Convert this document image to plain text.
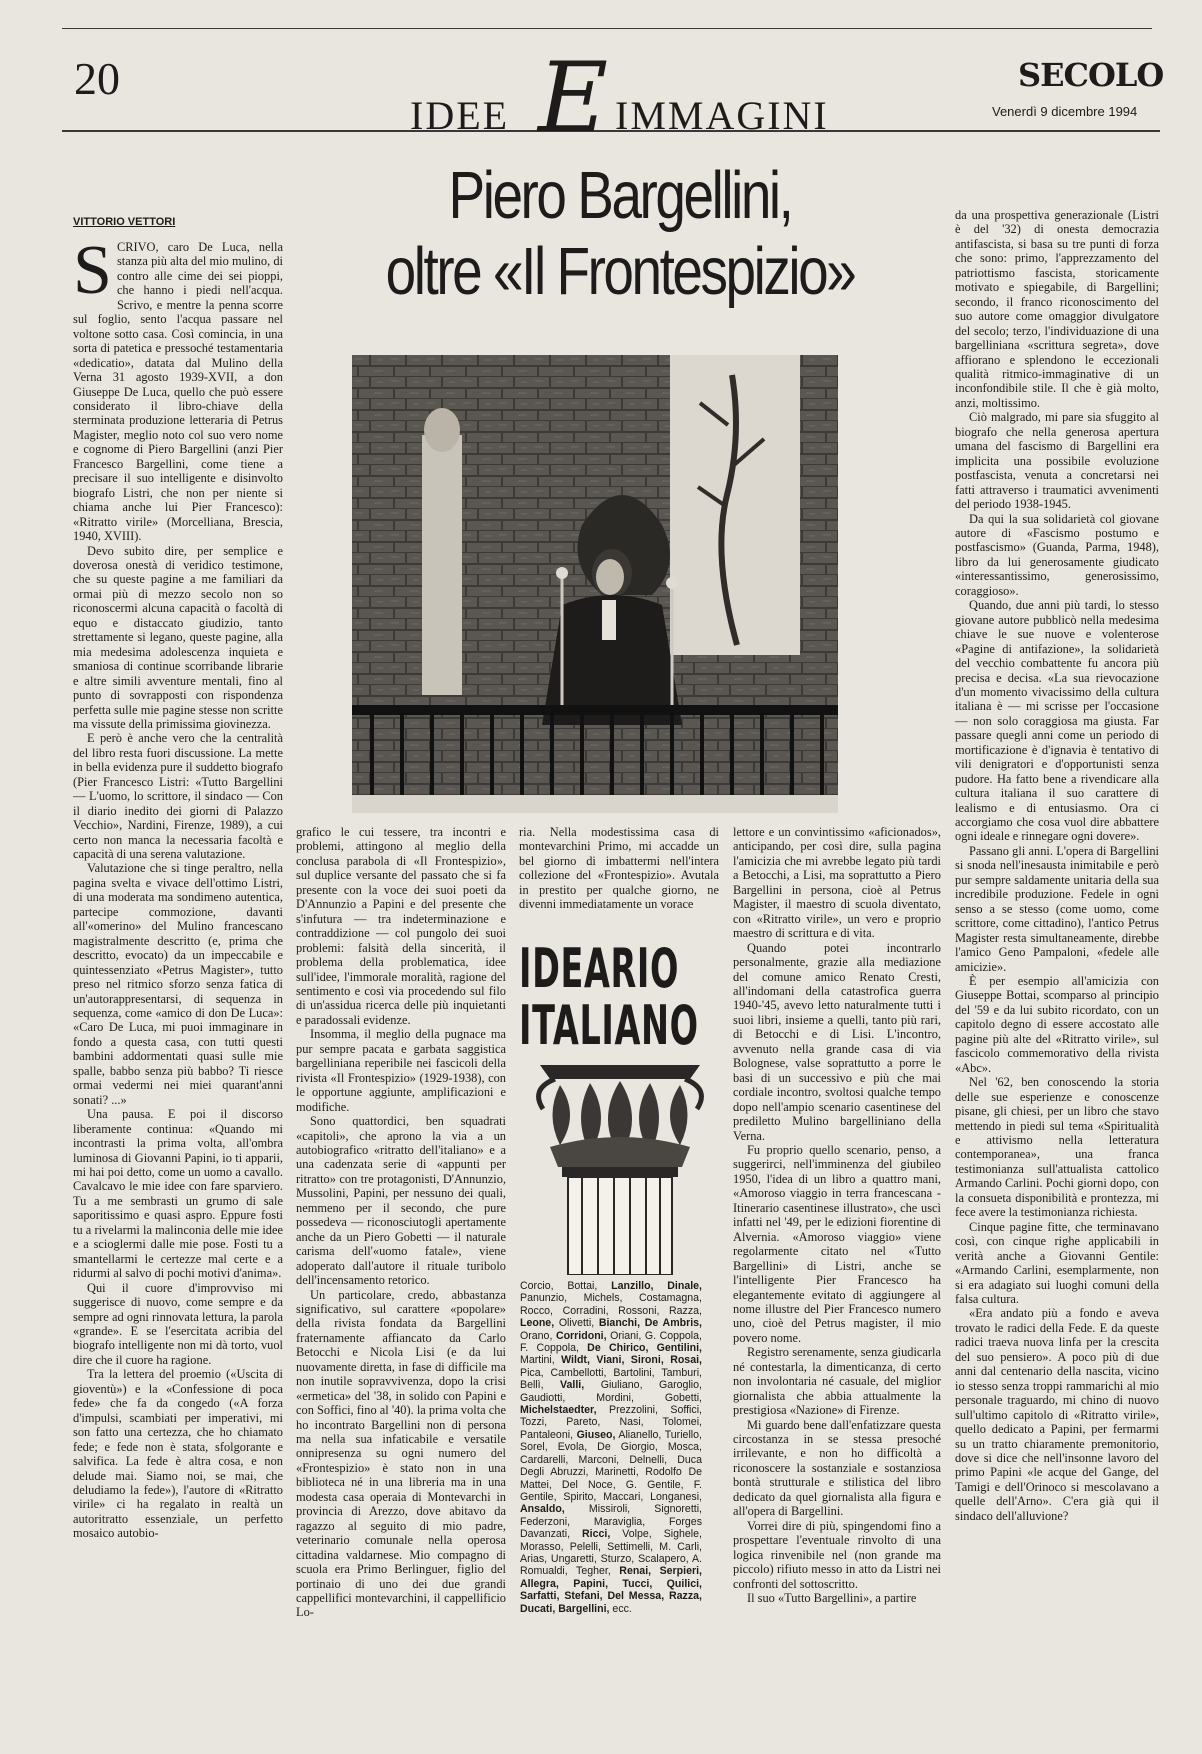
20
IDEE E IMMAGINI
SECOLO
Venerdì 9 dicembre 1994
VITTORIO VETTORI	Piero Bargellini,
oltre «Il Frontespizio»

SCRIVO, caro De Luca, nella stanza più alta del mio mulino, di contro alle cime dei sei pioppi, che hanno i piedi nell'acqua. Scrivo, e mentre la penna scorre sul foglio, sento l'acqua passare nel voltone sotto casa. Così comincia, in una sorta di patetica e pressoché testamentaria «dedicatio», datata dal Mulino della Verna 31 agosto 1939-XVII, a don Giuseppe De Luca, quello che può essere considerato il libro-chiave della sterminata produzione letteraria di Petrus Magister, meglio noto col suo vero nome e cognome di Piero Bargellini (anzi Pier Francesco Bargellini, come tiene a precisare il suo intelligente e disinvolto biografo Listri, che non per niente si chiama anche lui Pier Francesco): «Ritratto virile» (Morcelliana, Brescia, 1940, XVIII).

Devo subito dire, per semplice e doverosa onestà di veridico testimone, che su queste pagine a me familiari da ormai più di mezzo secolo non so riconoscermi alcuna capacità o facoltà di equo e distaccato giudizio, tanto strettamente si legano, queste pagine, alla mia medesima adolescenza inquieta e smaniosa di continue scorribande librarie e altre simili avventure mentali, fino al punto di sovrapposti con rispondenza perfetta sulle mie pagine stesse non scritte ma vissute della primissima giovinezza.

E però è anche vero che la centralità del libro resta fuori discussione. La mette in bella evidenza pure il suddetto biografo (Pier Francesco Listri: «Tutto Bargellini — L'uomo, lo scrittore, il sindaco — Con il diario inedito dei giorni di Palazzo Vecchio», Nardini, Firenze, 1989), a cui certo non manca la necessaria facoltà e capacità di una serena valutazione.

Valutazione che si tinge peraltro, nella pagina svelta e vivace dell'ottimo Listri, di una moderata ma sondimeno autentica, partecipe commozione, davanti all'«omerino» del Mulino francescano magistralmente descritto (e, prima che descritto, evocato) da un impeccabile e quintessenziato «Petrus Magister», tutto preso nel ritmico sforzo senza fatica di un'autorappresentarsi, di sequenza in sequenza, come «amico di don De Luca»: «Caro De Luca, mi puoi immaginare in fondo a questa casa, con tutti questi bambini addormentati quasi sulle mie spalle, babbo senza più babbo? Ti riesce ormai vedermi nei miei quarant'anni sonati? ...»

Una pausa. E poi il discorso liberamente continua: «Quando mi incontrasti la prima volta, all'ombra luminosa di Giovanni Papini, io ti apparii, mi hai poi detto, come un uomo a cavallo. Cavalcavo le mie idee con fare sparviero. Tu a me sembrasti un grumo di sale saporitissimo e quasi aspro. Eppure fosti tu a rivelarmi la malinconia delle mie idee e a scioglermi dalle mie pose. Fosti tu a smantellarmi le certezze mal certe e a ridurmi al salvo di pochi motivi d'anima».

Qui il cuore d'improvviso mi suggerisce di nuovo, come sempre e da sempre ad ogni rinnovata lettura, la parola «grande». E se l'esercitata acribia del biografo intelligente non mi dà torto, vuol dire che il cuore ha ragione.

Tra la lettera del proemio («Uscita di gioventù») e la «Confessione di poca fede» che fa da congedo («A forza d'impulsi, scambiati per imperativi, mi son fatto una certezza, che ho chiamato fede; e fede non è stata, sfolgorante e salvifica. La fede è altra cosa, e non delude mai. Siamo noi, se mai, che deludiamo la fede»), l'autore di «Ritratto virile» ci ha regalato in realtà un autoritratto essenziale, un perfetto mosaico autobio-

grafico le cui tessere, tra incontri e problemi, attingono al meglio della conclusa parabola di «Il Frontespizio», sul duplice versante del passato che si fa presente con la voce dei suoi poeti da D'Annunzio a Papini e del presente che s'infutura — tra indeterminazione e contraddizione — col pungolo dei suoi problemi: falsità della sincerità, il problema della problematica, idee sull'idee, l'immorale moralità, ragione del sentimento e così via procedendo sul filo di un'assidua ricerca delle più inquietanti e paradossali evidenze.

Insomma, il meglio della pugnace ma pur sempre pacata e garbata saggistica bargelliniana reperibile nei fascicoli della rivista «Il Frontespizio» (1929-1938), con le opportune aggiunte, amplificazioni e modifiche.

Sono quattordici, ben squadrati «capitoli», che aprono la via a un autobiografico «ritratto dell'italiano» e a una cadenzata serie di «appunti per ritratto» con tre protagonisti, D'Annunzio, Mussolini, Papini, per nessuno dei quali, nemmeno per il secondo, che pure possedeva — riconosciutogli apertamente anche da un Piero Gobetti — il naturale carisma dell'«uomo fatale», viene adoperato dall'autore il rituale turibolo dell'incensamento retorico.

Un particolare, credo, abbastanza significativo, sul carattere «popolare» della rivista fondata da Bargellini fraternamente affiancato da Carlo Betocchi e Nicola Lisi (e da lui nuovamente diretta, in fase di difficile ma non inutile sopravvivenza, dopo la crisi «ermetica» del '38, in solido con Papini e con Soffici, fino al '40). la prima volta che ho incontrato Bargellini non di persona ma nella sua infaticabile e versatile onnipresenza su ogni numero del «Frontespizio» è stato non in una biblioteca né in una libreria ma in una modesta casa operaia di Montevarchi in provincia di Arezzo, dove abitavo da ragazzo al seguito di mio padre, veterinario comunale nella operosa cittadina valdarnese. Mio compagno di scuola era Primo Berlinguer, figlio del portinaio di uno dei due grandi cappellifici montevarchini, il cappellificio Lo-

ria. Nella modestissima casa di montevarchini Primo, mi accadde un bel giorno di imbattermi nell'intera collezione del «Frontespizio». Avutala in prestito per qualche giorno, ne divenni immediatamente un vorace

IDEARIO
ITALIANO
Corcio, Bottai, Lanzillo, Dinale, Panunzio, Michels, Costamagna, Rocco, Corradini, Rossoni, Razza, Leone, Olivetti, Bianchi, De Ambris, Orano, Corridoni, Oriani, G. Coppola, F. Coppola, De Chirico, Gentilini, Martini, Wildt, Viani, Sironi, Rosai, Pica, Cambellotti, Bartolini, Tamburi, Bellì, Valli, Giuliano, Garoglio, Gaudiotti, Mordini, Gobetti, Michelstaedter, Prezzolini, Soffici, Tozzi, Pareto, Nasi, Tolomei, Pantaleoni, Giuseo, Alianello, Turiello, Sorel, Evola, De Giorgio, Mosca, Cardarelli, Marconi, Delnelli, Duca Degli Abruzzi, Marinetti, Rodolfo De Mattei, Del Noce, G. Gentile, F. Gentile, Spirito, Maccari, Longanesi, Ansaldo, Missiroli, Signoretti, Federzoni, Maraviglia, Forges Davanzati, Ricci, Volpe, Sighele, Morasso, Pelelli, Settimelli, M. Carli, Arias, Ungaretti, Sturzo, Scalapero, A. Romualdi, Tegher, Renai, Serpieri, Allegra, Papini, Tucci, Quilici, Sarfatti, Stefani, Del Messa, Razza, Ducati, Bargellini, ecc.

lettore e un convintissimo «aficionados», anticipando, per così dire, sulla pagina l'amicizia che mi avrebbe legato più tardi a Betocchi, a Lisi, ma soprattutto a Piero Bargellini in persona, cioè al Petrus Magister, il maestro di scuola diventato, con «Ritratto virile», un vero e proprio maestro di scrittura e di vita.

Quando potei incontrarlo personalmente, grazie alla mediazione del comune amico Renato Cresti, all'indomani della catastrofica guerra 1940-'45, avevo letto naturalmente tutti i suoi libri, insieme a quelli, tanto più rari, di Betocchi e di Lisi. L'incontro, avvenuto nella grande casa di via Bolognese, valse soprattutto a porre le basi di un successivo e più che mai cordiale incontro, svoltosi qualche tempo dopo nell'ampio scenario casentinese del prediletto Mulino bargelliniano della Verna.

Fu proprio quello scenario, penso, a suggerirci, nell'imminenza del giubileo 1950, l'idea di un libro a quattro mani, «Amoroso viaggio in terra francescana - Itinerario casentinese illustrato», che uscì infatti nel '49, per le edizioni fiorentine di Alvernia. «Amoroso viaggio» viene regolarmente citato nel «Tutto Bargellini» di Listri, anche se l'intelligente Pier Francesco ha elegantemente evitato di aggiungere al nome illustre del Pier Francesco numero uno, cioè del Petrus magister, il mio povero nome.

Registro serenamente, senza giudicarla né contestarla, la dimenticanza, di certo non involontaria né casuale, del miglior giornalista che abbia attualmente la prestigiosa «Nazione» di Firenze.

Mi guardo bene dall'enfatizzare questa circostanza in se stessa presoché irrilevante, e non ho difficoltà a riconoscere la sostanziale e sostanziosa bontà strutturale e stilistica del libro dedicato da quel giornalista alla figura e all'opera di Bargellini.

Vorrei dire di più, spingendomi fino a prospettare l'eventuale rinvolto di una logica rinvenibile nel (non grande ma piccolo) rifiuto messo in atto da Listri nei confronti del sottoscritto.

Il suo «Tutto Bargellini», a partire

da una prospettiva generazionale (Listri è del '32) di onesta democrazia antifascista, si basa su tre punti di forza che sono: primo, l'apprezzamento del patriottismo fascista, storicamente motivato e spiegabile, di Bargellini; secondo, il franco riconoscimento del suo autore come omaggior divulgatore del secolo; terzo, l'individuazione di una bargelliniana «scrittura segreta», dove affiorano e splendono le eccezionali qualità ritmico-immaginative di un inconfondibile stile. Il che è già molto, anzi, moltissimo.

Ciò malgrado, mi pare sia sfuggito al biografo che nella generosa apertura umana del fascismo di Bargellini era implicita una possibile evoluzione postfascista, venuta a concretarsi nei fatti attraverso i traumatici avvenimenti del periodo 1938-1945.

Da qui la sua solidarietà col giovane autore di «Fascismo postumo e postfascismo» (Guanda, Parma, 1948), libro da lui generosamente giudicato «interessantissimo, generosissimo, coraggioso».

Quando, due anni più tardi, lo stesso giovane autore pubblicò nella medesima chiave le sue nuove e volenterose «Pagine di antifazione», la solidarietà del vecchio combattente fu ancora più precisa e decisa. «La sua rievocazione d'un momento vivacissimo della cultura italiana è — mi scrisse per l'occasione — non solo coraggiosa ma giusta. Far passare quegli anni come un periodo di mortificazione è d'ignavia è tentativo di vili denigratori e d'opportunisti senza pudore. Ha fatto bene a rivendicare alla cultura italiana il suo carattere di lealismo e di entusiasmo. Ora ci accorgiamo che cosa vuol dire abbattere ogni ideale e rinnegare ogni dovere».

Passano gli anni. L'opera di Bargellini si snoda nell'inesausta inimitabile e però pur sempre saldamente unitaria della sua incredibile produzione. Fedele in ogni senso a se stesso (come uomo, come scrittore, come cittadino), l'antico Petrus Magister resta simultaneamente, direbbe l'amico Geno Pampaloni, «fedele alle amicizie».

È per esempio all'amicizia con Giuseppe Bottai, scomparso al principio del '59 e da lui subito ricordato, con un capitolo degno di essere accostato alle pagine più alte del «Ritratto virile», sul fascicolo commemorativo della rivista «Abc».

Nel '62, ben conoscendo la storia delle sue esperienze e conoscenze pisane, gli chiesi, per un libro che stavo mettendo in piedi sul tema «Spiritualità e attivismo nella letteratura contemporanea», una franca testimonianza sull'attualista cattolico Armando Carlini. Pochi giorni dopo, con la consueta disponibilità e prontezza, mi fece avere la testimonianza richiesta.

Cinque pagine fitte, che terminavano così, con cinque righe applicabili in verità anche a Giovanni Gentile: «Armando Carlini, esemplarmente, non si era adagiato sui luoghi comuni della falsa cultura.

«Era andato più a fondo e aveva trovato le radici della Fede. E da queste radici traeva nuova linfa per la crescita del suo pensiero». A poco più di due anni dal centenario della nascita, vicino io stesso senza troppi rammarichi al mio personale traguardo, mi chino di nuovo sull'ultimo capitolo di «Ritratto virile», quello dedicato a Papini, per fermarmi su un tratto chiaramente premonitorio, dove si dice che nell'insonne lavoro del primo Papini «le acque del Gange, del Tamigi e dell'Orinoco si mescolavano a quelle dell'Arno». C'era già qui il sindaco dell'alluvione?
